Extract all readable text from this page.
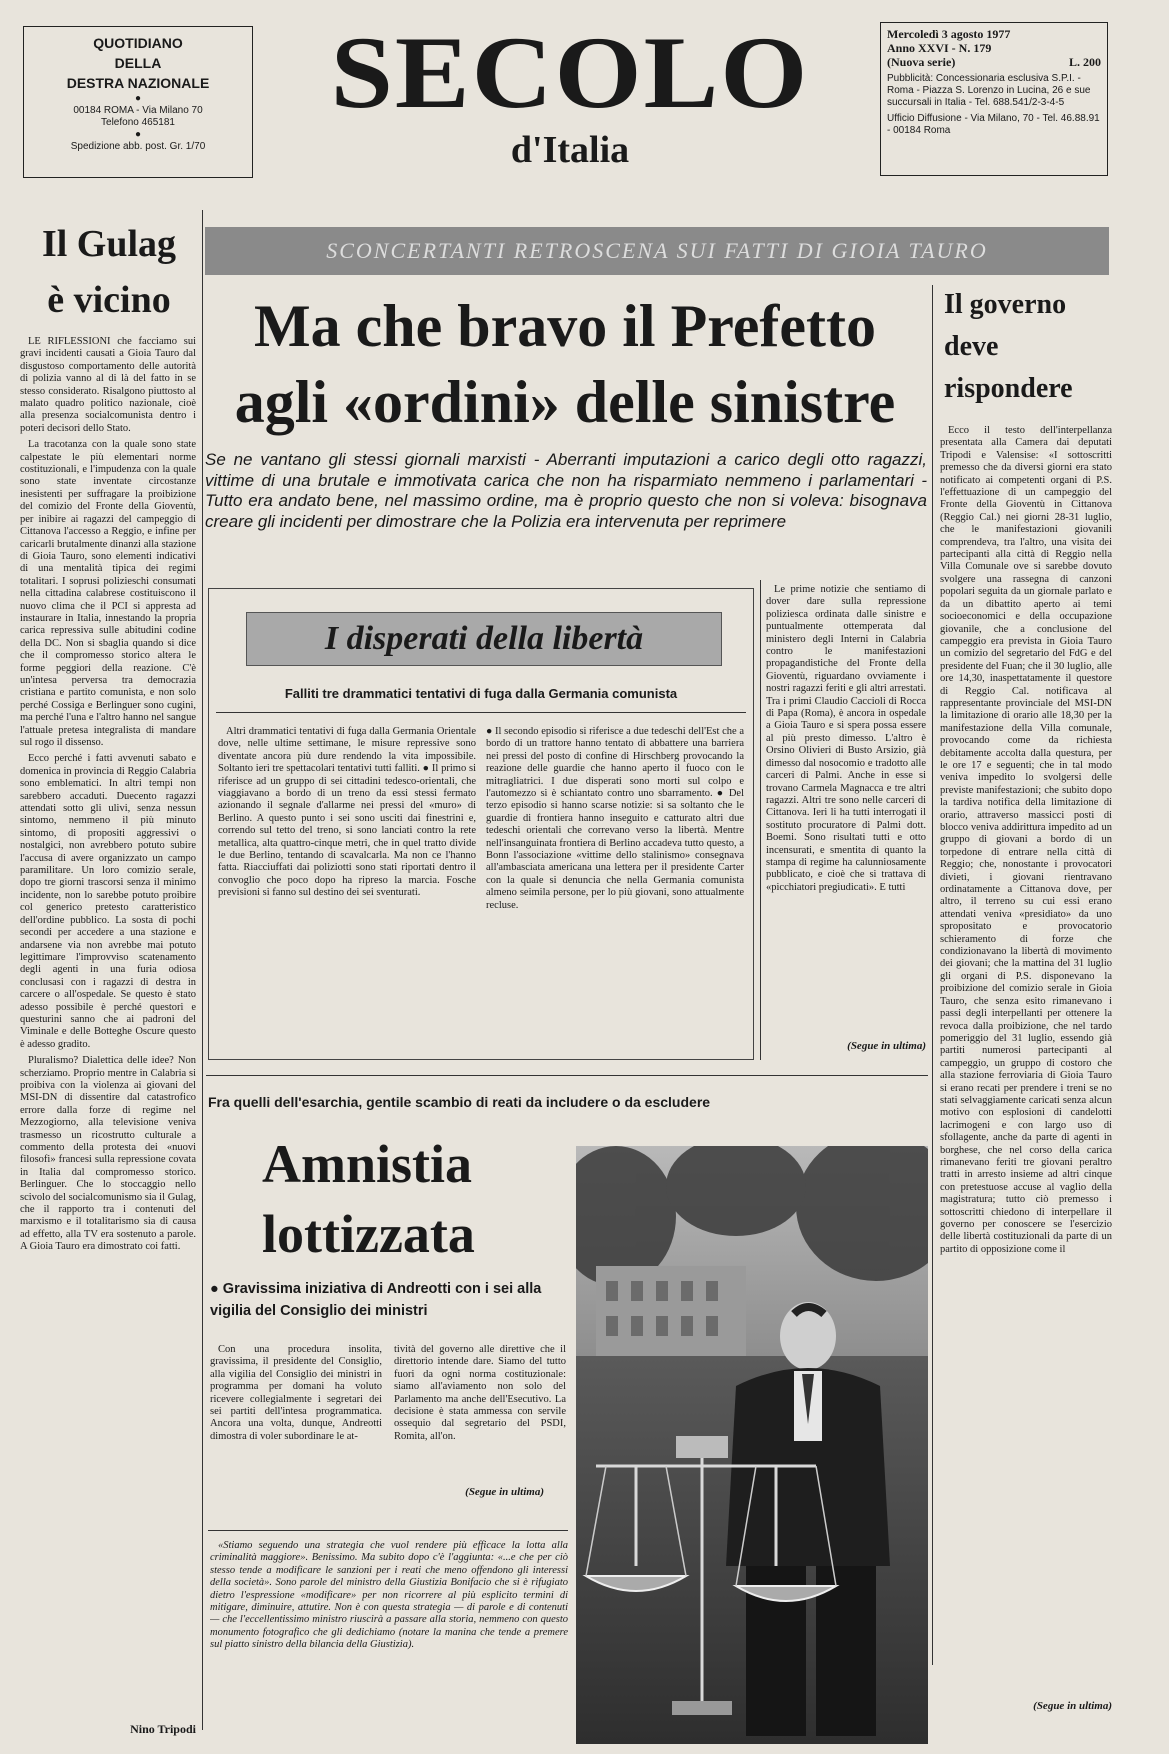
QUOTIDIANO
DELLA
DESTRA NAZIONALE
●
00184 ROMA - Via Milano 70
Telefono 465181
●
Spedizione abb. post. Gr. 1/70
SECOLO
d'Italia
Mercoledì 3 agosto 1977
Anno XXVI - N. 179
(Nuova serie)	L. 200
Pubblicità: Concessionaria esclusiva S.P.I. - Roma - Piazza S. Lorenzo in Lucina, 26 e sue succursali in Italia - Tel. 688.541/2-3-4-5
Ufficio Diffusione - Via Milano, 70 - Tel. 46.88.91 - 00184 Roma
Il Gulag
è vicino

LE RIFLESSIONI che facciamo sui gravi incidenti causati a Gioia Tauro dal disgustoso comportamento delle autorità di polizia vanno al di là del fatto in se stesso considerato. Risalgono piuttosto al malato quadro politico nazionale, cioè alla presenza socialcomunista dentro i poteri decisori dello Stato.

La tracotanza con la quale sono state calpestate le più elementari norme costituzionali, e l'impudenza con la quale sono state inventate circostanze inesistenti per suffragare la proibizione del comizio del Fronte della Gioventù, per inibire ai ragazzi del campeggio di Cittanova l'accesso a Reggio, e infine per caricarli brutalmente dinanzi alla stazione di Gioia Tauro, sono elementi indicativi di una mentalità tipica dei regimi totalitari. I soprusi polizieschi consumati nella cittadina calabrese costituiscono il nuovo clima che il PCI si appresta ad instaurare in Italia, innestando la propria carica repressiva sulle abitudini codine della DC. Non si sbaglia quando si dice che il compromesso storico altera le forme peggiori della reazione. C'è un'intesa perversa tra democrazia cristiana e partito comunista, e non solo perché Cossiga e Berlinguer sono cugini, ma perché l'una e l'altro hanno nel sangue l'attuale pretesa integralista di mandare sul rogo il dissenso.

Ecco perché i fatti avvenuti sabato e domenica in provincia di Reggio Calabria sono emblematici. In altri tempi non sarebbero accaduti. Duecento ragazzi attendati sotto gli ulivi, senza nessun sintomo, nemmeno il più minuto sintomo, di propositi aggressivi o nostalgici, non avrebbero potuto subire l'accusa di avere organizzato un campo paramilitare. Un loro comizio serale, dopo tre giorni trascorsi senza il minimo incidente, non lo sarebbe potuto proibire col generico pretesto caratteristico dell'ordine pubblico. La sosta di pochi secondi per accedere a una stazione e andarsene via non avrebbe mai potuto legittimare l'improvviso scatenamento degli agenti in una furia odiosa conclusasi con i ragazzi di destra in carcere o all'ospedale. Se questo è stato adesso possibile è perché questori e questurini sanno che ai padroni del Viminale e delle Botteghe Oscure questo è adesso gradito.

Pluralismo? Dialettica delle idee? Non scherziamo. Proprio mentre in Calabria si proibiva con la violenza ai giovani del MSI-DN di dissentire dal catastrofico errore dalla forze di regime nel Mezzogiorno, alla televisione veniva trasmesso un ricostrutto culturale a commento della protesta dei «nuovi filosofi» francesi sulla repressione covata in Italia dal compromesso storico. Berlinguer. Che lo stoccaggio nello scivolo del socialcomunismo sia il Gulag, che il rapporto tra i contenuti del marxismo e il totalitarismo sia di causa ad effetto, alla TV era sostenuto a parole. A Gioia Tauro era dimostrato coi fatti.

Nino Tripodi
SCONCERTANTI RETROSCENA SUI FATTI DI GIOIA TAURO
Ma che bravo il Prefetto
agli «ordini» delle sinistre
Se ne vantano gli stessi giornali marxisti - Aberranti imputazioni a carico degli otto ragazzi, vittime di una brutale e immotivata carica che non ha risparmiato nemmeno i parlamentari - Tutto era andato bene, nel massimo ordine, ma è proprio questo che non si voleva: bisognava creare gli incidenti per dimostrare che la Polizia era intervenuta per reprimere
Il governo
deve
rispondere
Ecco il testo dell'interpellanza presentata alla Camera dai deputati Tripodi e Valensise: «I sottoscritti premesso che da diversi giorni era stato notificato ai competenti organi di P.S. l'effettuazione di un campeggio del Fronte della Gioventù in Cittanova (Reggio Cal.) nei giorni 28-31 luglio, che le manifestazioni giovanili comprendeva, tra l'altro, una visita dei partecipanti alla città di Reggio nella Villa Comunale ove si sarebbe dovuto svolgere una rassegna di canzoni popolari seguita da un giornale parlato e da un dibattito aperto ai temi socioeconomici e della occupazione giovanile, che a conclusione del campeggio era prevista in Gioia Tauro un comizio del segretario del FdG e del presidente del Fuan; che il 30 luglio, alle ore 14,30, inaspettatamente il questore di Reggio Cal. notificava al rappresentante provinciale del MSI-DN la limitazione di orario alle 18,30 per la manifestazione della Villa comunale, provocando come da richiesta debitamente accolta dalla questura, per le ore 17 e seguenti; che in tal modo veniva impedito lo svolgersi delle previste manifestazioni; che subito dopo la tardiva notifica della limitazione di orario, attraverso massicci posti di blocco veniva addirittura impedito ad un gruppo di giovani a bordo di un torpedone di entrare nella città di Reggio; che, nonostante i provocatori divieti, i giovani rientravano ordinatamente a Cittanova dove, per altro, il terreno su cui essi erano attendati veniva «presidiato» da uno spropositato e provocatorio schieramento di forze che condizionavano la libertà di movimento dei giovani; che la mattina del 31 luglio gli organi di P.S. disponevano la proibizione del comizio serale in Gioia Tauro, che senza esito rimanevano i passi degli interpellanti per ottenere la revoca dalla proibizione, che nel tardo pomeriggio del 31 luglio, essendo già partiti numerosi partecipanti al campeggio, un gruppo di costoro che alla stazione ferroviaria di Gioia Tauro si erano recati per prendere i treni se no stati selvaggiamente caricati senza alcun motivo con esplosioni di candelotti lacrimogeni e con largo uso di sfollagente, anche da parte di agenti in borghese, che nel corso della carica rimanevano feriti tre giovani peraltro tratti in arresto insieme ad altri cinque con pretestuose accuse al vaglio della magistratura; tutto ciò premesso i sottoscritti chiedono di interpellare il governo per conoscere se l'esercizio delle libertà costituzionali da parte di un partito di opposizione come il
(Segue in ultima)
I disperati della libertà
Falliti tre drammatici tentativi di fuga dalla Germania comunista
Altri drammatici tentativi di fuga dalla Germania Orientale dove, nelle ultime settimane, le misure repressive sono diventate ancora più dure rendendo la vita impossibile. Soltanto ieri tre spettacolari tentativi tutti falliti. ● Il primo si riferisce ad un gruppo di sei cittadini tedesco-orientali, che viaggiavano a bordo di un treno da essi stessi fermato azionando il segnale d'allarme nei pressi del «muro» di Berlino. A questo punto i sei sono usciti dai finestrini e, correndo sul tetto del treno, si sono lanciati contro la rete metallica, alta quattro-cinque metri, che in quel tratto divide le due Berlino, tentando di scavalcarla. Ma non ce l'hanno fatta. Riacciuffati dai poliziotti sono stati riportati dentro il convoglio che poco dopo ha ripreso la marcia. Fosche previsioni si fanno sul destino dei sei sventurati.
● Il secondo episodio si riferisce a due tedeschi dell'Est che a bordo di un trattore hanno tentato di abbattere una barriera nei pressi del posto di confine di Hirschberg provocando la reazione delle guardie che hanno aperto il fuoco con le mitragliatrici. I due disperati sono morti sul colpo e l'automezzo si è schiantato contro uno sbarramento. ● Del terzo episodio si hanno scarse notizie: si sa soltanto che le guardie di frontiera hanno inseguito e catturato altri due tedeschi orientali che correvano verso la libertà. Mentre nell'insanguinata frontiera di Berlino accadeva tutto questo, a Bonn l'associazione «vittime dello stalinismo» consegnava all'ambasciata americana una lettera per il presidente Carter con la quale si denuncia che nella Germania comunista almeno seimila persone, per lo più giovani, sono attualmente recluse.
Le prime notizie che sentiamo di dover dare sulla repressione poliziesca ordinata dalle sinistre e puntualmente ottemperata dal ministero degli Interni in Calabria contro le manifestazioni propagandistiche del Fronte della Gioventù, riguardano ovviamente i nostri ragazzi feriti e gli altri arrestati. Tra i primi Claudio Caccioli di Rocca di Papa (Roma), è ancora in ospedale a Gioia Tauro e si spera possa essere al più presto dimesso. L'altro è Orsino Olivieri di Busto Arsizio, già dimesso dal nosocomio e tradotto alle carceri di Palmi. Anche in esse si trovano Carmela Magnacca e tre altri ragazzi. Altri tre sono nelle carceri di Cittanova. Ieri li ha tutti interrogati il sostituto procuratore di Palmi dott. Boemi. Sono risultati tutti e otto incensurati, e smentita di quanto la stampa di regime ha calunniosamente pubblicato, e cioè che si trattava di «picchiatori pregiudicati». E tutti
(Segue in ultima)
Fra quelli dell'esarchia, gentile scambio di reati da includere o da escludere
Amnistia
lottizzata
● Gravissima iniziativa di Andreotti con i sei alla vigilia del Consiglio dei ministri
Con una procedura insolita, gravissima, il presidente del Consiglio, alla vigilia del Consiglio dei ministri in programma per domani ha voluto ricevere collegialmente i segretari dei sei partiti dell'intesa programmatica. Ancora una volta, dunque, Andreotti dimostra di voler subordinare le at-
tività del governo alle direttive che il direttorio intende dare. Siamo del tutto fuori da ogni norma costituzionale: siamo all'aviamento non solo del Parlamento ma anche dell'Esecutivo. La decisione è stata ammessa con servile ossequio dal segretario del PSDI, Romita, all'on.
(Segue in ultima)
«Stiamo seguendo una strategia che vuol rendere più efficace la lotta alla criminalità maggiore». Benissimo. Ma subito dopo c'è l'aggiunta: «...e che per ciò stesso tende a modificare le sanzioni per i reati che meno offendono gli interessi della società». Sono parole del ministro della Giustizia Bonifacio che si è rifugiato dietro l'espressione «modificare» per non ricorrere al più esplicito termini di mitigare, diminuire, attutire. Non è con questa strategia — di parole e di contenuti — che l'eccellentissimo ministro riuscirà a passare alla storia, nemmeno con questo monumento fotografico che gli dedichiamo (notare la manina che tende a premere sul piatto sinistro della bilancia della Giustizia).
